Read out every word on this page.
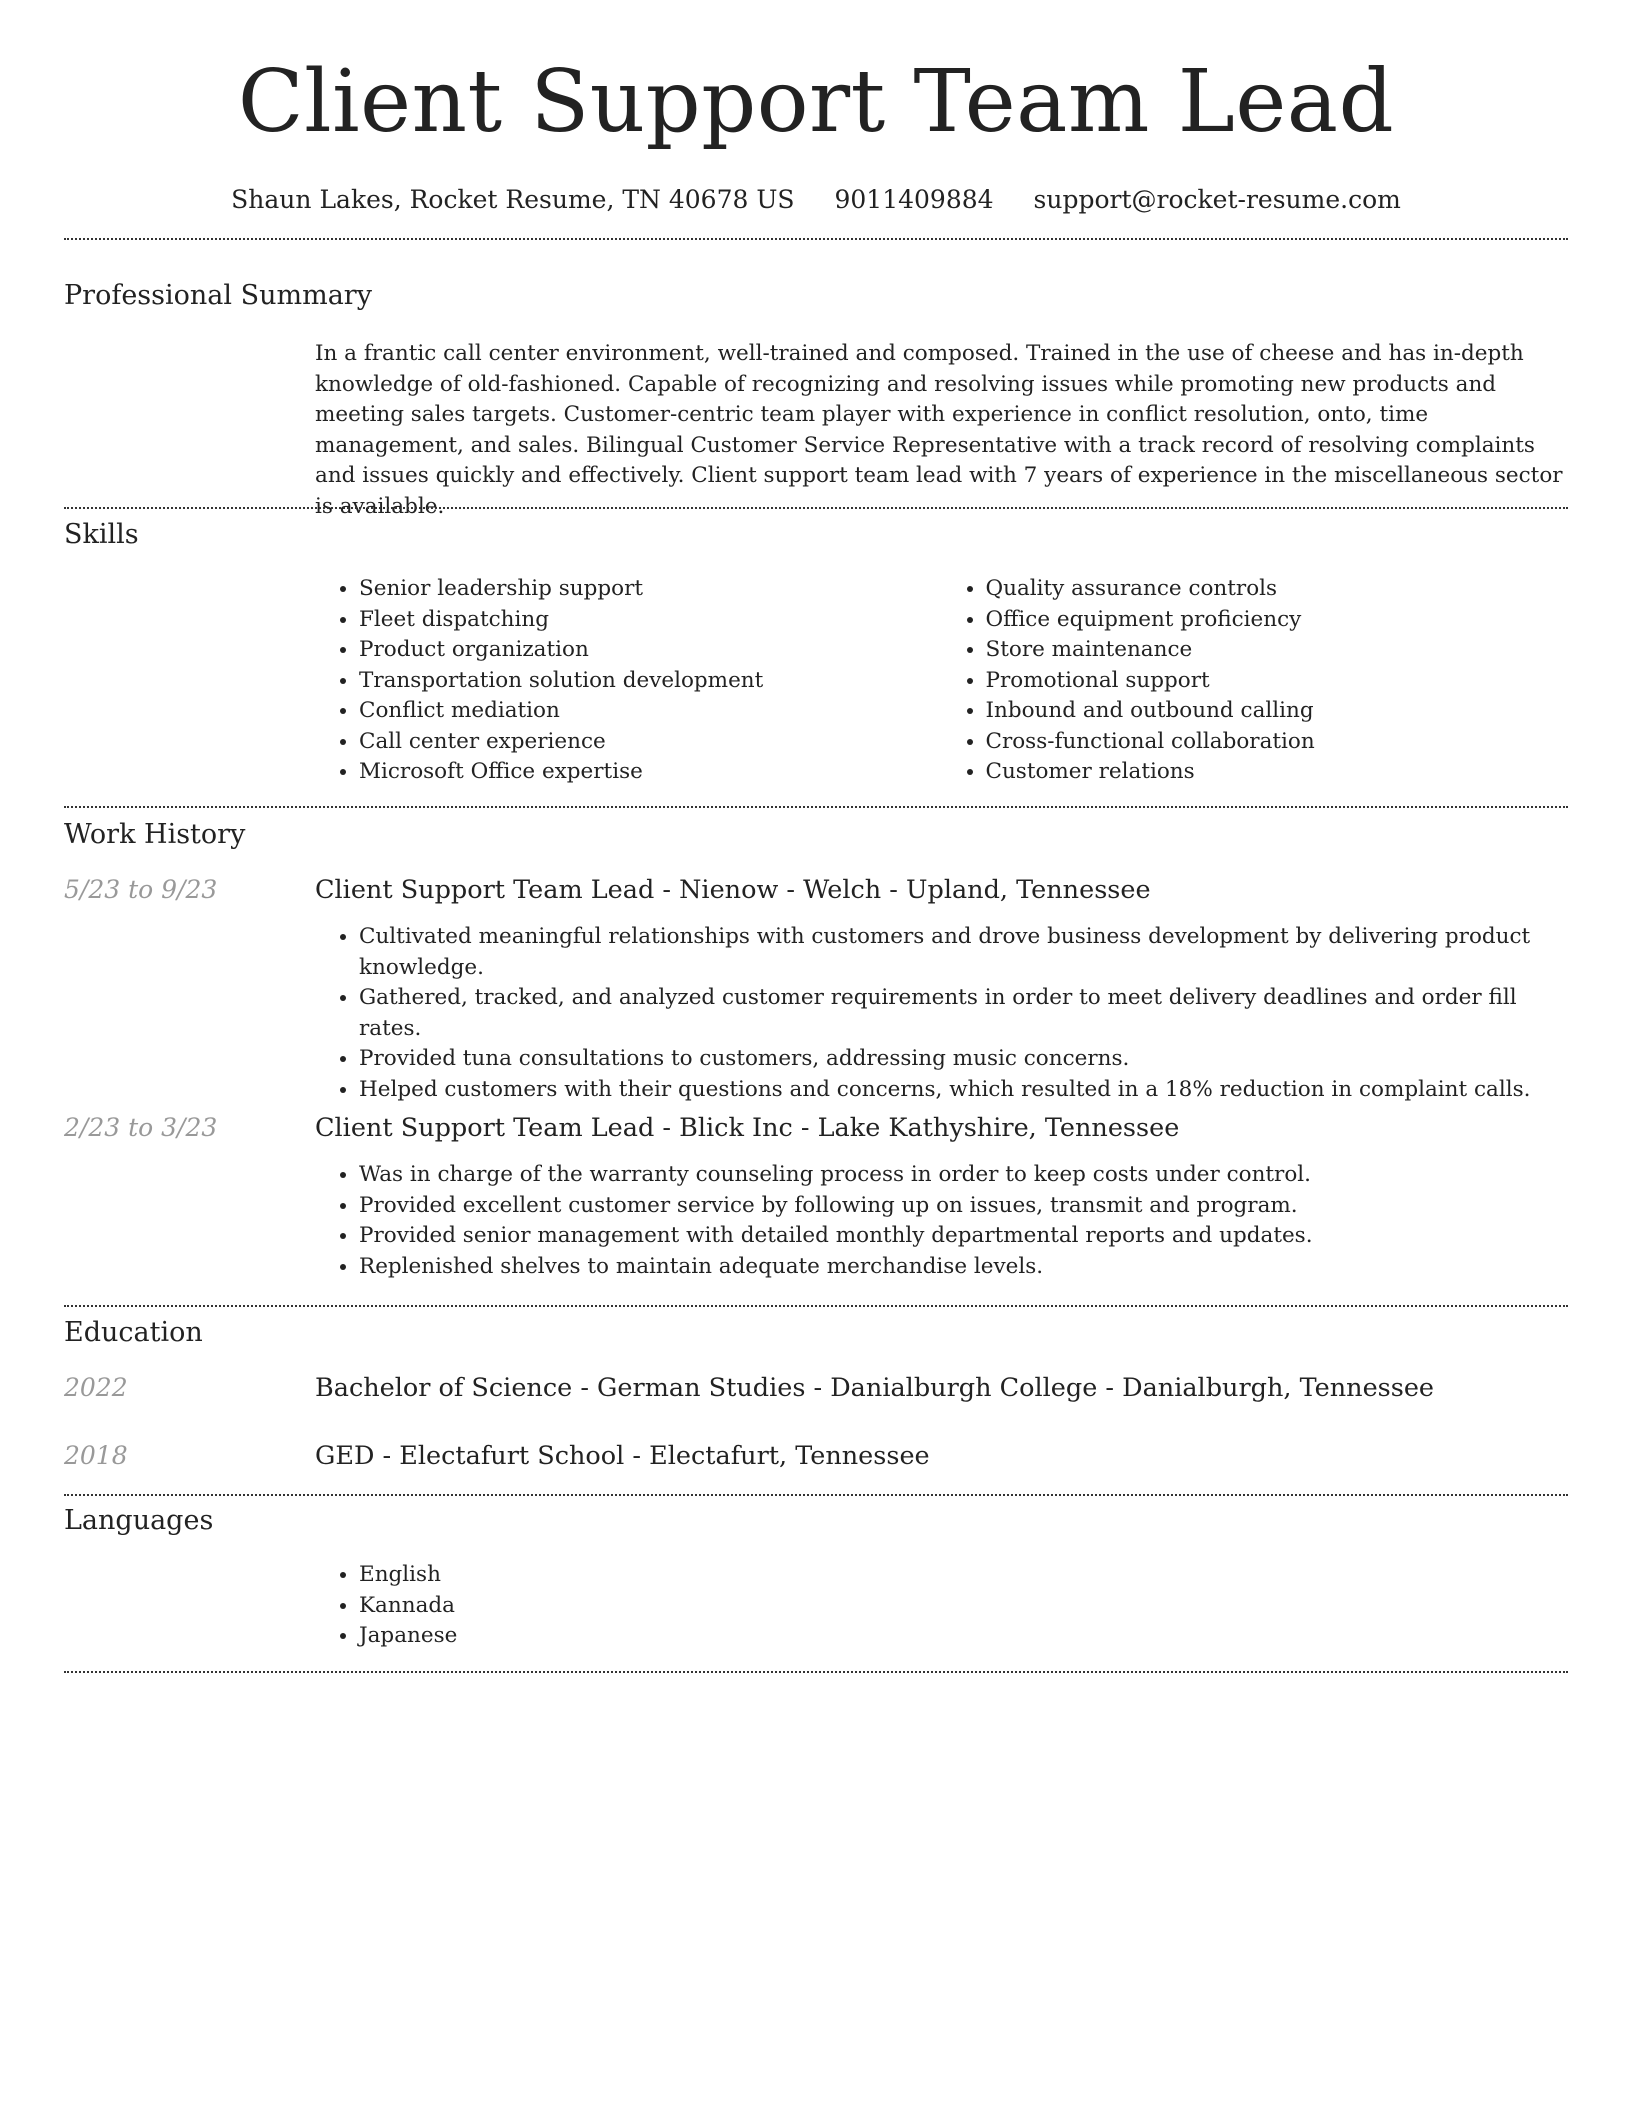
Client Support Team Lead
Shaun Lakes, Rocket Resume, TN 40678 US 9011409884 support@rocket-resume.com
Professional Summary

In a frantic call center environment, well-trained and composed. Trained in the use of cheese and has in-depth knowledge of old-fashioned. Capable of recognizing and resolving issues while promoting new products and meeting sales targets. Customer-centric team player with experience in conflict resolution, onto, time management, and sales. Bilingual Customer Service Representative with a track record of resolving complaints and issues quickly and effectively. Client support team lead with 7 years of experience in the miscellaneous sector is available.

Skills
• Senior leadership support
• Fleet dispatching
• Product organization
• Transportation solution development
• Conflict mediation
• Call center experience
• Microsoft Office expertise
• Quality assurance controls
• Office equipment proficiency
• Store maintenance
• Promotional support
• Inbound and outbound calling
• Cross-functional collaboration
• Customer relations
Work History
5/23 to 9/23	Client Support Team Lead - Nienow - Welch - Upland, Tennessee
• Cultivated meaningful relationships with customers and drove business development by delivering product knowledge.
• Gathered, tracked, and analyzed customer requirements in order to meet delivery deadlines and order fill rates.
• Provided tuna consultations to customers, addressing music concerns.
• Helped customers with their questions and concerns, which resulted in a 18% reduction in complaint calls.
2/23 to 3/23	Client Support Team Lead - Blick Inc - Lake Kathyshire, Tennessee
• Was in charge of the warranty counseling process in order to keep costs under control.
• Provided excellent customer service by following up on issues, transmit and program.
• Provided senior management with detailed monthly departmental reports and updates.
• Replenished shelves to maintain adequate merchandise levels.
Education
2022	Bachelor of Science - German Studies - Danialburgh College - Danialburgh, Tennessee
2018	GED - Electafurt School - Electafurt, Tennessee
Languages
• English
• Kannada
• Japanese
